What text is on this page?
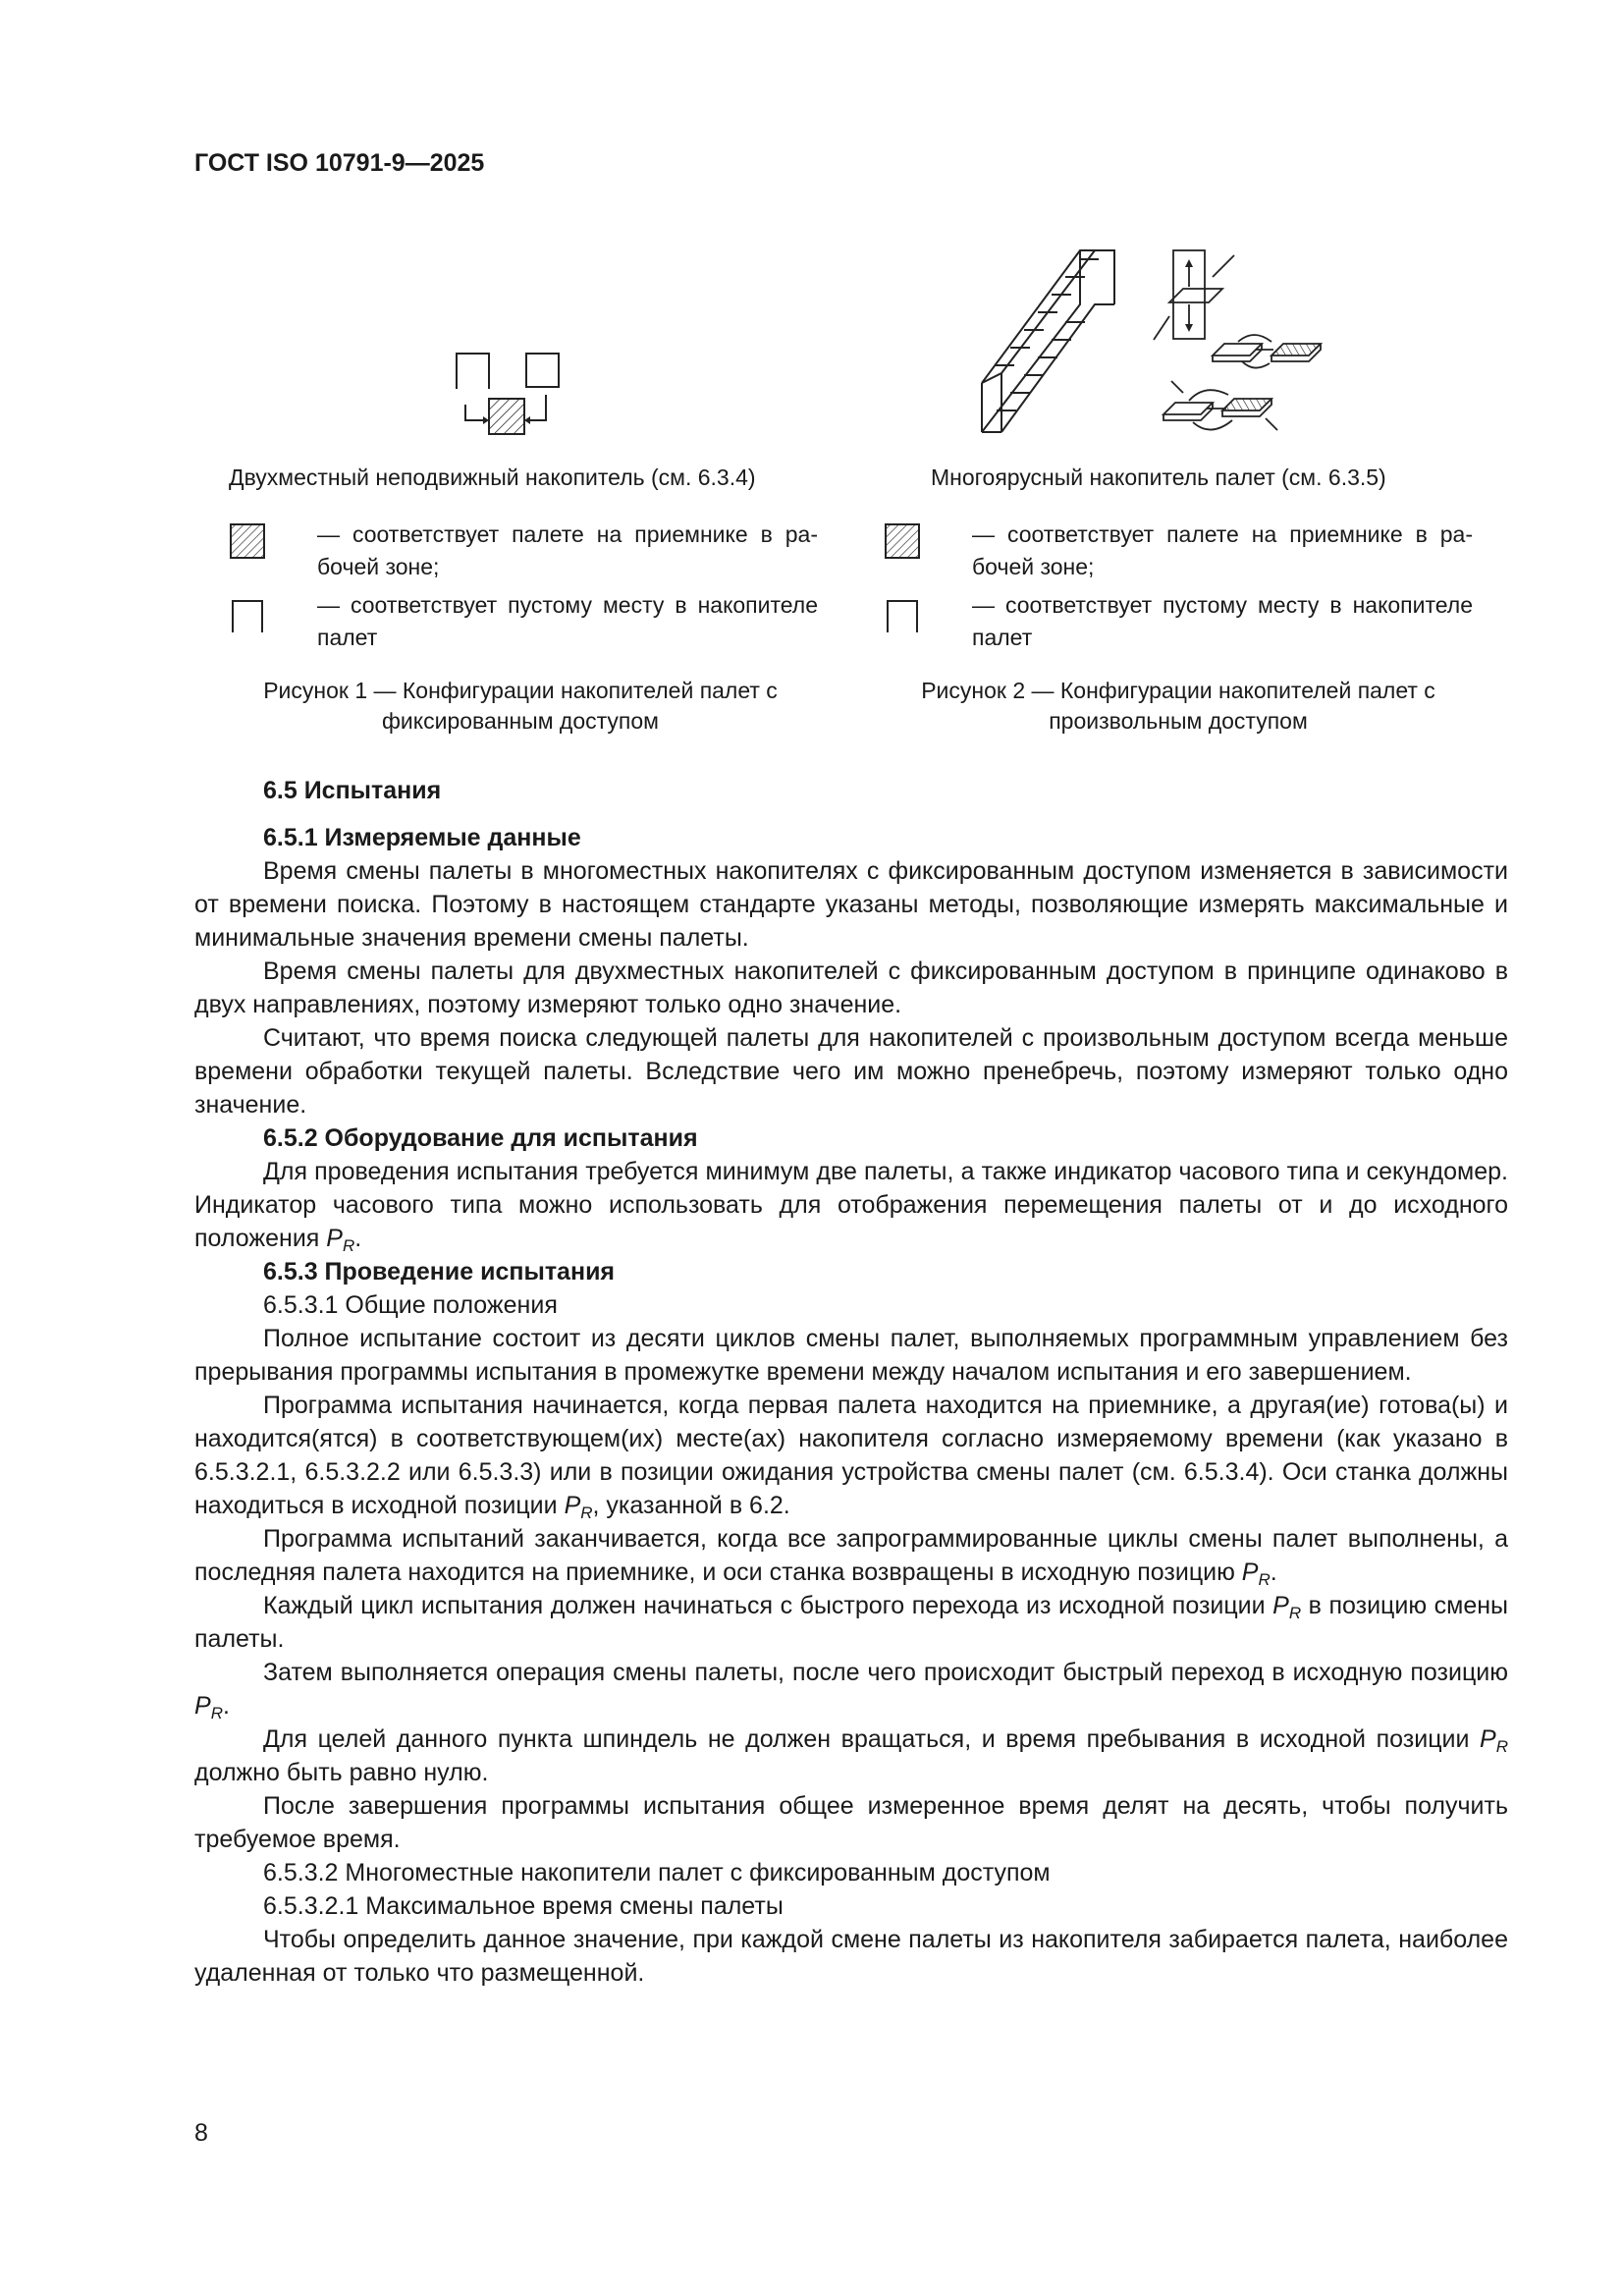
ГОСТ ISO 10791-9—2025
Двухместный неподвижный накопитель (см. 6.3.4)
— соответствует палете на приемнике в рабочей зоне;
— соответствует пустому месту в накопителе палет
Многоярусный накопитель палет (см. 6.3.5)
— соответствует палете на приемнике в рабочей зоне;
— соответствует пустому месту в накопителе палет
Рисунок 1 — Конфигурации накопителей палет с
фиксированным доступом
Рисунок 2 — Конфигурации накопителей палет с
произвольным доступом

6.5 Испытания

6.5.1 Измеряемые данные

Время смены палеты в многоместных накопителях с фиксированным доступом изменяется в зависимости от времени поиска. Поэтому в настоящем стандарте указаны методы, позволяющие измерять максимальные и минимальные значения времени смены палеты.

Время смены палеты для двухместных накопителей с фиксированным доступом в принципе одинаково в двух направлениях, поэтому измеряют только одно значение.

Считают, что время поиска следующей палеты для накопителей с произвольным доступом всегда меньше времени обработки текущей палеты. Вследствие чего им можно пренебречь, поэтому измеряют только одно значение.

6.5.2 Оборудование для испытания

Для проведения испытания требуется минимум две палеты, а также индикатор часового типа и секундомер. Индикатор часового типа можно использовать для отображения перемещения палеты от и до исходного положения $P_R$.

6.5.3 Проведение испытания

6.5.3.1 Общие положения

Полное испытание состоит из десяти циклов смены палет, выполняемых программным управлением без прерывания программы испытания в промежутке времени между началом испытания и его завершением.

Программа испытания начинается, когда первая палета находится на приемнике, а другая(ие) готова(ы) и находится(ятся) в соответствующем(их) месте(ах) накопителя согласно измеряемому времени (как указано в 6.5.3.2.1, 6.5.3.2.2 или 6.5.3.3) или в позиции ожидания устройства смены палет (см. 6.5.3.4). Оси станка должны находиться в исходной позиции $P_R$, указанной в 6.2.

Программа испытаний заканчивается, когда все запрограммированные циклы смены палет выполнены, а последняя палета находится на приемнике, и оси станка возвращены в исходную позицию $P_R$.

Каждый цикл испытания должен начинаться с быстрого перехода из исходной позиции $P_R$ в позицию смены палеты.

Затем выполняется операция смены палеты, после чего происходит быстрый переход в исходную позицию $P_R$.

Для целей данного пункта шпиндель не должен вращаться, и время пребывания в исходной позиции $P_R$ должно быть равно нулю.

После завершения программы испытания общее измеренное время делят на десять, чтобы получить требуемое время.

6.5.3.2 Многоместные накопители палет с фиксированным доступом

6.5.3.2.1 Максимальное время смены палеты

Чтобы определить данное значение, при каждой смене палеты из накопителя забирается палета, наиболее удаленная от только что размещенной.

8
